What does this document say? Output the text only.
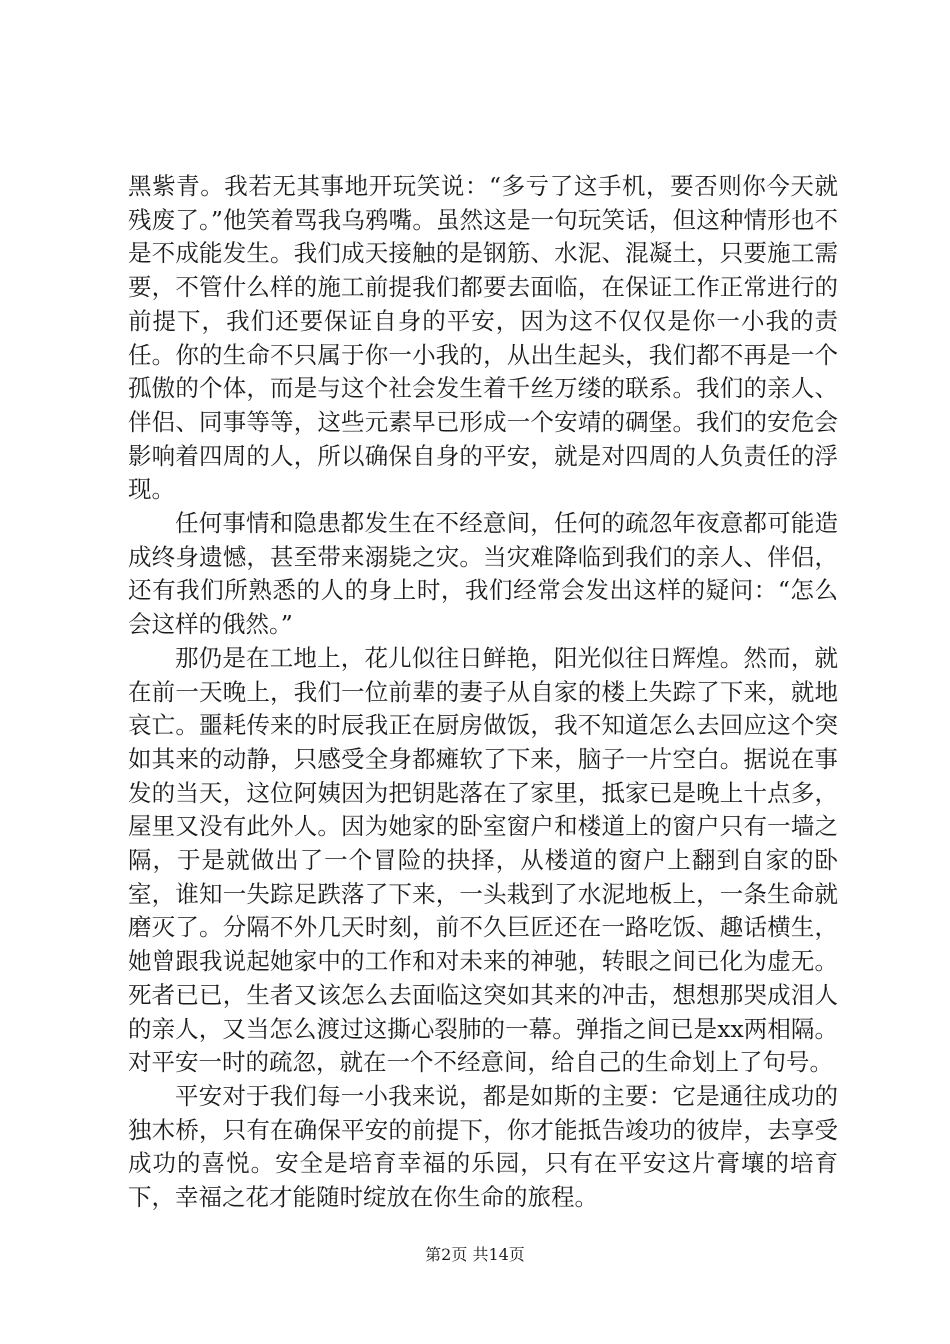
黑紫青。我若无其事地开玩笑说：“多亏了这手机，要否则你今天就残废了。”他笑着骂我乌鸦嘴。虽然这是一句玩笑话，但这种情形也不是不成能发生。我们成天接触的是钢筋、水泥、混凝土，只要施工需要，不管什么样的施工前提我们都要去面临，在保证工作正常进行的前提下，我们还要保证自身的平安，因为这不仅仅是你一小我的责任。你的生命不只属于你一小我的，从出生起头，我们都不再是一个孤傲的个体，而是与这个社会发生着千丝万缕的联系。我们的亲人、伴侣、同事等等，这些元素早已形成一个安靖的碉堡。我们的安危会影响着四周的人，所以确保自身的平安，就是对四周的人负责任的浮现。

任何事情和隐患都发生在不经意间，任何的疏忽年夜意都可能造成终身遗憾，甚至带来溺毙之灾。当灾难降临到我们的亲人、伴侣，还有我们所熟悉的人的身上时，我们经常会发出这样的疑问：“怎么会这样的俄然。”

那仍是在工地上，花儿似往日鲜艳，阳光似往日辉煌。然而，就在前一天晚上，我们一位前辈的妻子从自家的楼上失踪了下来，就地哀亡。噩耗传来的时辰我正在厨房做饭，我不知道怎么去回应这个突如其来的动静，只感受全身都瘫软了下来，脑子一片空白。据说在事发的当天，这位阿姨因为把钥匙落在了家里，抵家已是晚上十点多，屋里又没有此外人。因为她家的卧室窗户和楼道上的窗户只有一墙之隔，于是就做出了一个冒险的抉择，从楼道的窗户上翻到自家的卧室，谁知一失踪足跌落了下来，一头栽到了水泥地板上，一条生命就磨灭了。分隔不外几天时刻，前不久巨匠还在一路吃饭、趣话横生，她曾跟我说起她家中的工作和对未来的神驰，转眼之间已化为虚无。死者已已，生者又该怎么去面临这突如其来的冲击，想想那哭成泪人的亲人，又当怎么渡过这撕心裂肺的一幕。弹指之间已是xx两相隔。对平安一时的疏忽，就在一个不经意间，给自己的生命划上了句号。

平安对于我们每一小我来说，都是如斯的主要：它是通往成功的独木桥，只有在确保平安的前提下，你才能抵告竣功的彼岸，去享受成功的喜悦。安全是培育幸福的乐园，只有在平安这片膏壤的培育下，幸福之花才能随时绽放在你生命的旅程。

第2页 共14页
